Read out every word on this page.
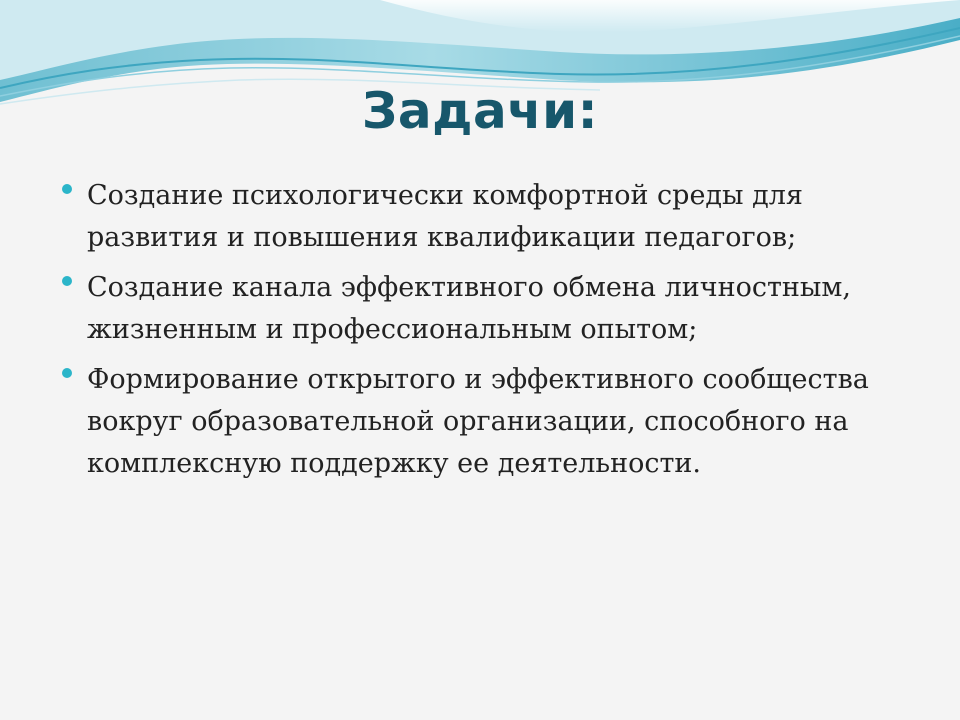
Задачи:
Создание психологически комфортной среды для развития и повышения квалификации педагогов;
Создание канала эффективного обмена личностным, жизненным и профессиональным опытом;
Формирование открытого и эффективного сообщества вокруг образовательной организации, способного на комплексную поддержку ее деятельности.
